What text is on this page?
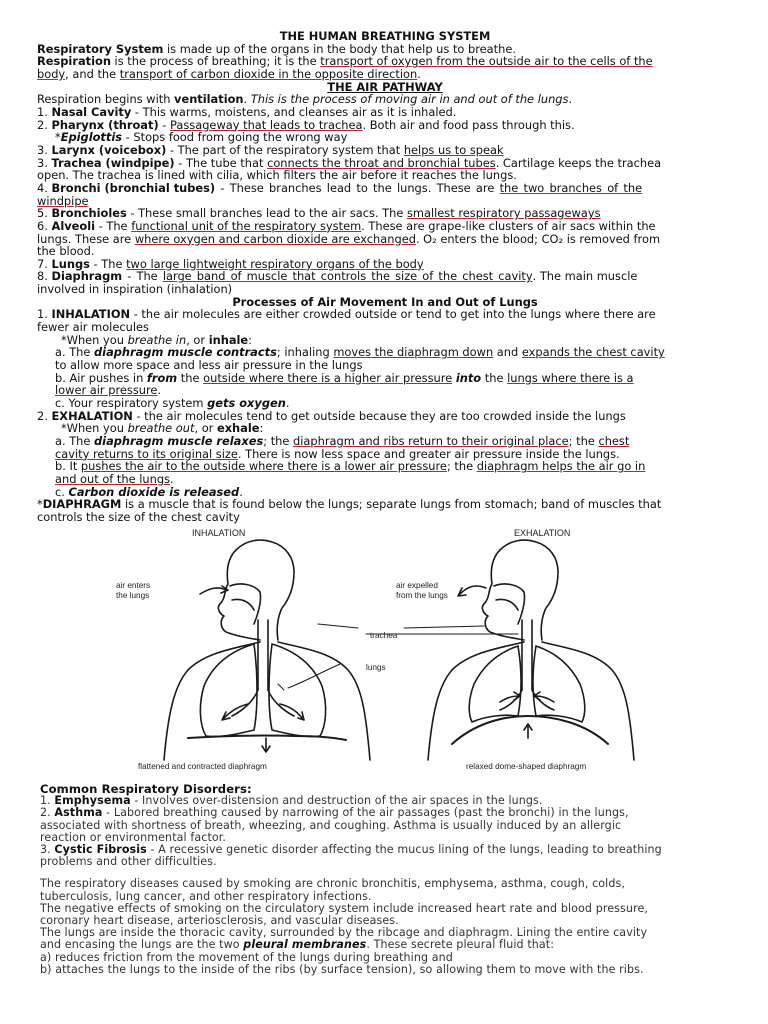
THE HUMAN BREATHING SYSTEM
Respiratory System is made up of the organs in the body that help us to breathe.
Respiration is the process of breathing; it is the transport of oxygen from the outside air to the cells of the
body, and the transport of carbon dioxide in the opposite direction.
THE AIR PATHWAY
Respiration begins with ventilation. This is the process of moving air in and out of the lungs.
1. Nasal Cavity - This warms, moistens, and cleanses air as it is inhaled.
2. Pharynx (throat) - Passageway that leads to trachea. Both air and food pass through this.
*Epiglottis - Stops food from going the wrong way
3. Larynx (voicebox) - The part of the respiratory system that helps us to speak
3. Trachea (windpipe) - The tube that connects the throat and bronchial tubes. Cartilage keeps the trachea
open. The trachea is lined with cilia, which filters the air before it reaches the lungs.
4. Bronchi (bronchial tubes) - These branches lead to the lungs. These are the two branches of the
windpipe
5. Bronchioles - These small branches lead to the air sacs. The smallest respiratory passageways
6. Alveoli - The functional unit of the respiratory system. These are grape-like clusters of air sacs within the
lungs. These are where oxygen and carbon dioxide are exchanged. O₂ enters the blood; CO₂ is removed from
the blood.
7. Lungs - The two large lightweight respiratory organs of the body
8. Diaphragm - The large band of muscle that controls the size of the chest cavity. The main muscle
involved in inspiration (inhalation)
Processes of Air Movement In and Out of Lungs
1. INHALATION - the air molecules are either crowded outside or tend to get into the lungs where there are
fewer air molecules
*When you breathe in, or inhale:
a. The diaphragm muscle contracts; inhaling moves the diaphragm down and expands the chest cavity
to allow more space and less air pressure in the lungs
b. Air pushes in from the outside where there is a higher air pressure into the lungs where there is a
lower air pressure.
c. Your respiratory system gets oxygen.
2. EXHALATION - the air molecules tend to get outside because they are too crowded inside the lungs
*When you breathe out, or exhale:
a. The diaphragm muscle relaxes; the diaphragm and ribs return to their original place; the chest
cavity returns to its original size. There is now less space and greater air pressure inside the lungs.
b. It pushes the air to the outside where there is a lower air pressure; the diaphragm helps the air go in
and out of the lungs.
c. Carbon dioxide is released.
*DIAPHRAGM is a muscle that is found below the lungs; separate lungs from stomach; band of muscles that
controls the size of the chest cavity
INHALATION	EXHALATION
air enters
the lungs
air expelled
from the lungs
trachea
lungs
flattened and contracted diaphragm	relaxed dome-shaped diaphragm
Common Respiratory Disorders:
1. Emphysema - Involves over-distension and destruction of the air spaces in the lungs.
2. Asthma - Labored breathing caused by narrowing of the air passages (past the bronchi) in the lungs,
associated with shortness of breath, wheezing, and coughing. Asthma is usually induced by an allergic
reaction or environmental factor.
3. Cystic Fibrosis - A recessive genetic disorder affecting the mucus lining of the lungs, leading to breathing
problems and other difficulties.
The respiratory diseases caused by smoking are chronic bronchitis, emphysema, asthma, cough, colds,
tuberculosis, lung cancer, and other respiratory infections.
The negative effects of smoking on the circulatory system include increased heart rate and blood pressure,
coronary heart disease, arteriosclerosis, and vascular diseases.
The lungs are inside the thoracic cavity, surrounded by the ribcage and diaphragm. Lining the entire cavity
and encasing the lungs are the two pleural membranes. These secrete pleural fluid that:
a) reduces friction from the movement of the lungs during breathing and
b) attaches the lungs to the inside of the ribs (by surface tension), so allowing them to move with the ribs.
